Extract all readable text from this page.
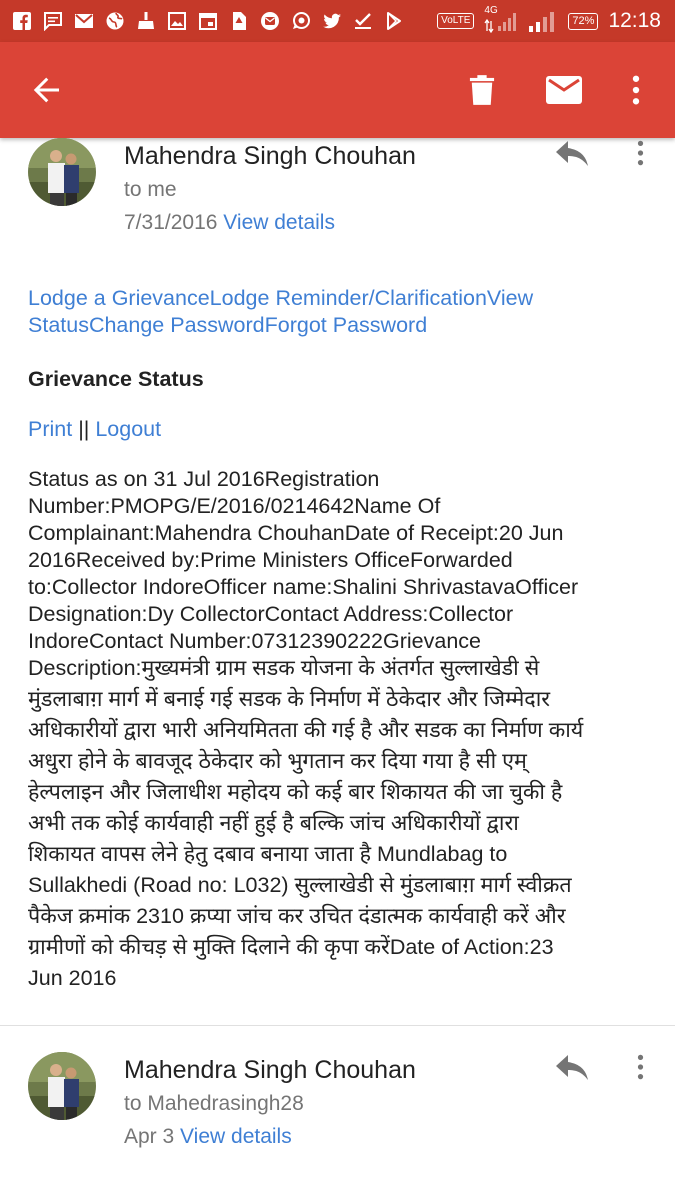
VoLTE
4G
72% 12:18
Mahendra Singh Chouhan
to me
7/31/2016 View details
Lodge a GrievanceLodge Reminder/ClarificationView StatusChange PasswordForgot Password
Grievance Status
Print || Logout
Status as on 31 Jul 2016Registration
Number:PMOPG/E/2016/0214642Name Of
Complainant:Mahendra ChouhanDate of Receipt:20 Jun
2016Received by:Prime Ministers OfficeForwarded
to:Collector IndoreOfficer name:Shalini ShrivastavaOfficer
Designation:Dy CollectorContact Address:Collector
IndoreContact Number:07312390222Grievance
Description:मुख्यमंत्री ग्राम सडक योजना के अंतर्गत सुल्लाखेडी से
मुंडलाबाग़ मार्ग में बनाई गई सडक के निर्माण में ठेकेदार और जिम्मेदार
अधिकारीयों द्वारा भारी अनियमितता की गई है और सडक का निर्माण कार्य
अधुरा होने के बावजूद ठेकेदार को भुगतान कर दिया गया है सी एम्
हेल्पलाइन और जिलाधीश महोदय को कई बार शिकायत की जा चुकी है
अभी तक कोई कार्यवाही नहीं हुई है बल्कि जांच अधिकारीयों द्वारा
शिकायत वापस लेने हेतु दबाव बनाया जाता है Mundlabag to
Sullakhedi (Road no: L032) सुल्लाखेडी से मुंडलाबाग़ मार्ग स्वीक्रत
पैकेज क्रमांक 2310 क्रप्या जांच कर उचित दंडात्मक कार्यवाही करें और
ग्रामीणों को कीचड़ से मुक्ति दिलाने की कृपा करेंDate of Action:23
Jun 2016
Mahendra Singh Chouhan
to Mahedrasingh28
Apr 3 View details
